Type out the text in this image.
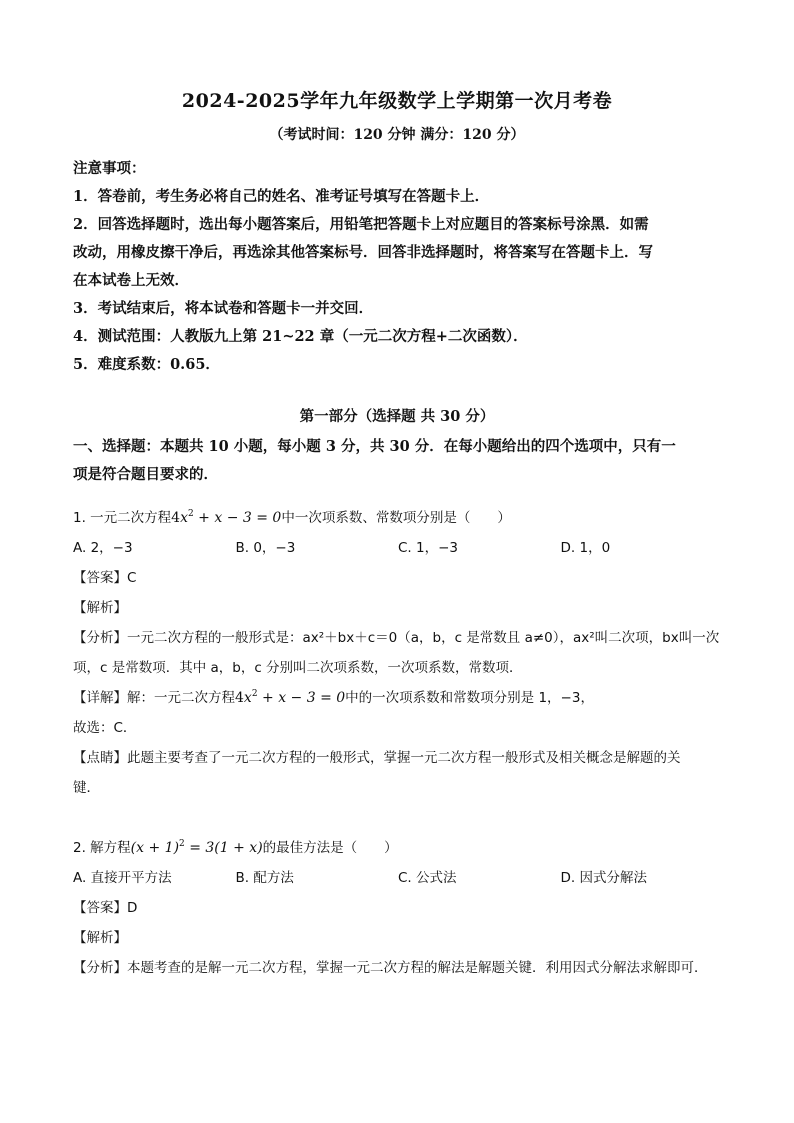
2024-2025学年九年级数学上学期第一次月考卷
（考试时间：120 分钟 满分：120 分）
注意事项：
1．答卷前，考生务必将自己的姓名、准考证号填写在答题卡上．
2．回答选择题时，选出每小题答案后，用铅笔把答题卡上对应题目的答案标号涂黑．如需
改动，用橡皮擦干净后，再选涂其他答案标号．回答非选择题时，将答案写在答题卡上．写
在本试卷上无效．
3．考试结束后，将本试卷和答题卡一并交回．
4．测试范围：人教版九上第 21~22 章（一元二次方程+二次函数）．
5．难度系数：0.65．
第一部分（选择题 共 30 分）
一、选择题：本题共 10 小题，每小题 3 分，共 30 分．在每小题给出的四个选项中，只有一
项是符合题目要求的．
1. 一元二次方程$4x^2 + x - 3 = 0$中一次项系数、常数项分别是（　　）
A. 2，−3	B. 0，−3	C. 1，−3	D. 1，0
【答案】C
【解析】
【分析】一元二次方程的一般形式是：ax²＋bx＋c＝0（a，b，c 是常数且 a≠0），ax²叫二次项，bx叫一次
项，c 是常数项．其中 a，b，c 分别叫二次项系数，一次项系数，常数项．
【详解】解：一元二次方程$4x^2 + x - 3 = 0$中的一次项系数和常数项分别是 1，−3，
故选：C．
【点睛】此题主要考查了一元二次方程的一般形式，掌握一元二次方程一般形式及相关概念是解题的关
键．
2. 解方程$(x + 1)^2 = 3(1 + x)$的最佳方法是（　　）
A. 直接开平方法	B. 配方法	C. 公式法	D. 因式分解法
【答案】D
【解析】
【分析】本题考查的是解一元二次方程，掌握一元二次方程的解法是解题关键．利用因式分解法求解即可．
